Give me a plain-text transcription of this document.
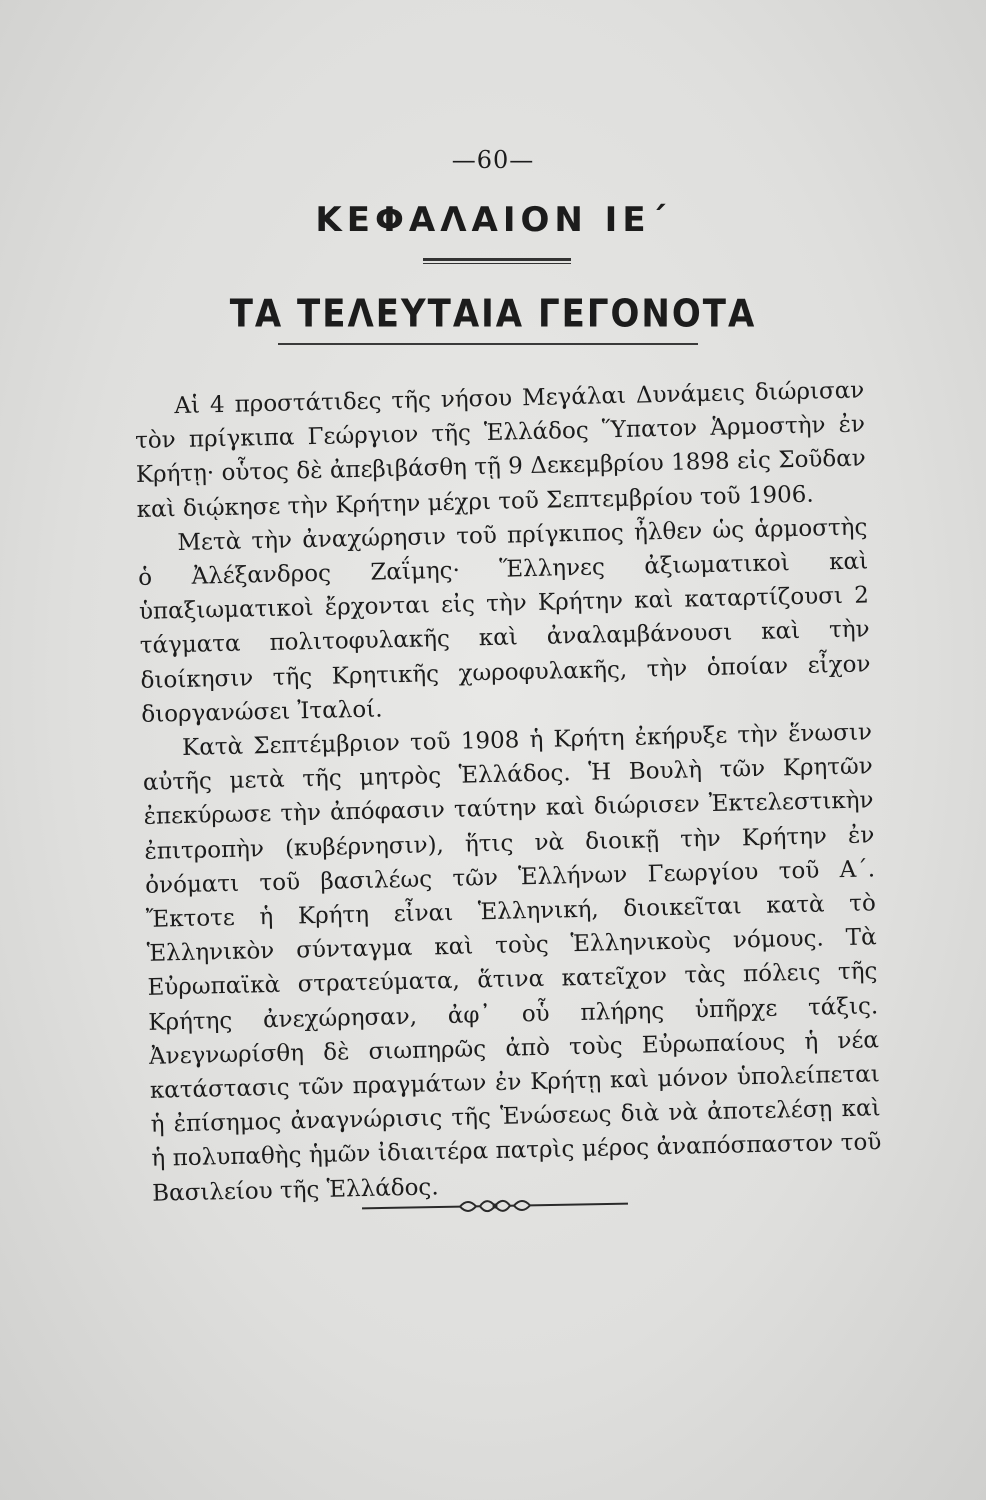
—60—
ΚΕΦΑΛΑΙΟΝ ΙΕ΄
ΤΑ ΤΕΛΕΥΤΑΙΑ ΓΕΓΟΝΟΤΑ

Αἱ 4 προστάτιδες τῆς νήσου Μεγάλαι Δυνάμεις διώρισαν τὸν πρίγκιπα Γεώργιον τῆς Ἑλλάδος Ὕπατον Ἁρμοστὴν ἐν Κρήτῃ· οὗτος δὲ ἀπεβιβάσθη τῇ 9 Δεκεμβρίου 1898 εἰς Σοῦδαν καὶ διῴκησε τὴν Κρήτην μέχρι τοῦ Σεπτεμβρίου τοῦ 1906.

Μετὰ τὴν ἀναχώρησιν τοῦ πρίγκιπος ἦλθεν ὡς ἁρμοστὴς ὁ Ἀλέξανδρος Ζαΐμης· Ἕλληνες ἀξιωματικοὶ καὶ ὑπαξιωματικοὶ ἔρχονται εἰς τὴν Κρήτην καὶ καταρτίζουσι 2 τάγματα πολιτοφυλακῆς καὶ ἀναλαμβάνουσι καὶ τὴν διοίκησιν τῆς Κρητικῆς χωροφυλακῆς, τὴν ὁποίαν εἶχον διοργανώσει Ἰταλοί.

Κατὰ Σεπτέμβριον τοῦ 1908 ἡ Κρήτη ἐκήρυξε τὴν ἕνωσιν αὐτῆς μετὰ τῆς μητρὸς Ἑλλάδος. Ἡ Βουλὴ τῶν Κρητῶν ἐπεκύρωσε τὴν ἀπόφασιν ταύτην καὶ διώρισεν Ἐκτελεστικὴν ἐπιτροπὴν (κυβέρνησιν), ἥτις νὰ διοικῇ τὴν Κρήτην ἐν ὀνόματι τοῦ βασιλέως τῶν Ἑλλήνων Γεωργίου τοῦ Α΄. Ἔκτοτε ἡ Κρήτη εἶναι Ἑλληνική, διοικεῖται κατὰ τὸ Ἑλληνικὸν σύνταγμα καὶ τοὺς Ἑλληνικοὺς νόμους. Τὰ Εὐρωπαϊκὰ στρατεύματα, ἅτινα κατεῖχον τὰς πόλεις τῆς Κρήτης ἀνεχώρησαν, ἀφ᾽ οὗ πλήρης ὑπῆρχε τάξις. Ἀνεγνωρίσθη δὲ σιωπηρῶς ἀπὸ τοὺς Εὐρωπαίους ἡ νέα κατάστασις τῶν πραγμάτων ἐν Κρήτῃ καὶ μόνον ὑπολείπεται ἡ ἐπίσημος ἀναγνώρισις τῆς Ἑνώσεως διὰ νὰ ἀποτελέσῃ καὶ ἡ πολυπαθὴς ἡμῶν ἰδιαιτέρα πατρὶς μέρος ἀναπόσπαστον τοῦ Βασιλείου τῆς Ἑλλάδος.
